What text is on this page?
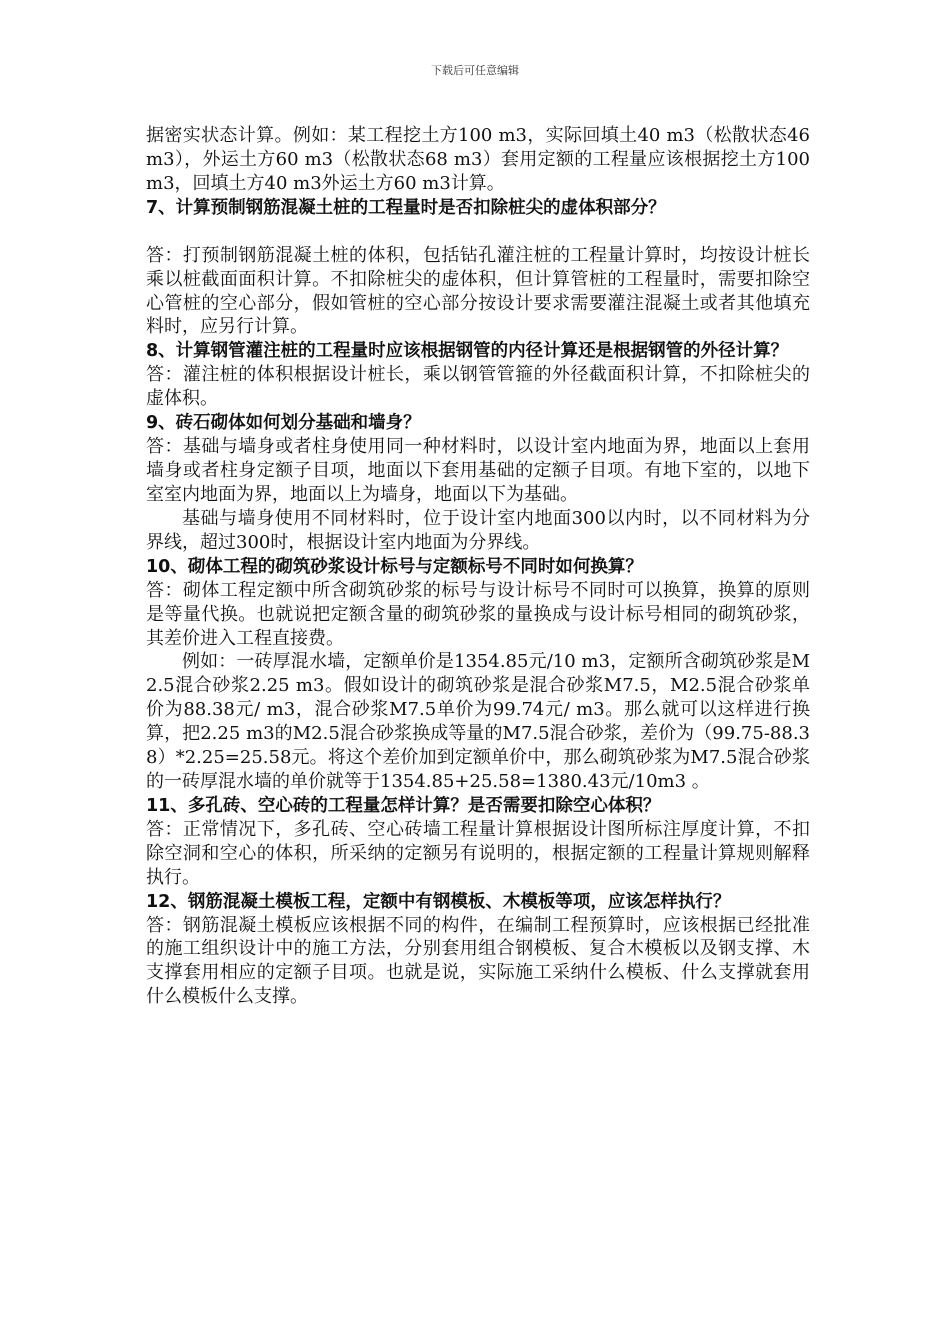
下载后可任意编辑

据密实状态计算。例如：某工程挖土方100 m3，实际回填土40 m3（松散状态46 m3），外运土方60 m3（松散状态68 m3）套用定额的工程量应该根据挖土方100 m3，回填土方40 m3外运土方60 m3计算。

7、计算预制钢筋混凝土桩的工程量时是否扣除桩尖的虚体积部分？

答：打预制钢筋混凝土桩的体积，包括钻孔灌注桩的工程量计算时，均按设计桩长乘以桩截面面积计算。不扣除桩尖的虚体积，但计算管桩的工程量时，需要扣除空心管桩的空心部分，假如管桩的空心部分按设计要求需要灌注混凝土或者其他填充料时，应另行计算。

8、计算钢管灌注桩的工程量时应该根据钢管的内径计算还是根据钢管的外径计算？

答：灌注桩的体积根据设计桩长，乘以钢管管箍的外径截面积计算，不扣除桩尖的虚体积。

9、砖石砌体如何划分基础和墙身？

答：基础与墙身或者柱身使用同一种材料时，以设计室内地面为界，地面以上套用墙身或者柱身定额子目项，地面以下套用基础的定额子目项。有地下室的，以地下室室内地面为界，地面以上为墙身，地面以下为基础。

基础与墙身使用不同材料时，位于设计室内地面300以内时，以不同材料为分界线，超过300时，根据设计室内地面为分界线。

10、砌体工程的砌筑砂浆设计标号与定额标号不同时如何换算？

答：砌体工程定额中所含砌筑砂浆的标号与设计标号不同时可以换算，换算的原则是等量代换。也就说把定额含量的砌筑砂浆的量换成与设计标号相同的砌筑砂浆，其差价进入工程直接费。

例如：一砖厚混水墙，定额单价是1354.85元/10 m3，定额所含砌筑砂浆是M2.5混合砂浆2.25 m3。假如设计的砌筑砂浆是混合砂浆M7.5，M2.5混合砂浆单价为88.38元/ m3，混合砂浆M7.5单价为99.74元/ m3。那么就可以这样进行换算，把2.25 m3的M2.5混合砂浆换成等量的M7.5混合砂浆，差价为（99.75-88.38）*2.25=25.58元。将这个差价加到定额单价中，那么砌筑砂浆为M7.5混合砂浆的一砖厚混水墙的单价就等于1354.85+25.58=1380.43元/10m3 。

11、多孔砖、空心砖的工程量怎样计算？是否需要扣除空心体积？

答：正常情况下，多孔砖、空心砖墙工程量计算根据设计图所标注厚度计算，不扣除空洞和空心的体积，所采纳的定额另有说明的，根据定额的工程量计算规则解释执行。

12、钢筋混凝土模板工程，定额中有钢模板、木模板等项，应该怎样执行？

答：钢筋混凝土模板应该根据不同的构件，在编制工程预算时，应该根据已经批准的施工组织设计中的施工方法，分别套用组合钢模板、复合木模板以及钢支撑、木支撑套用相应的定额子目项。也就是说，实际施工采纳什么模板、什么支撑就套用什么模板什么支撑。
